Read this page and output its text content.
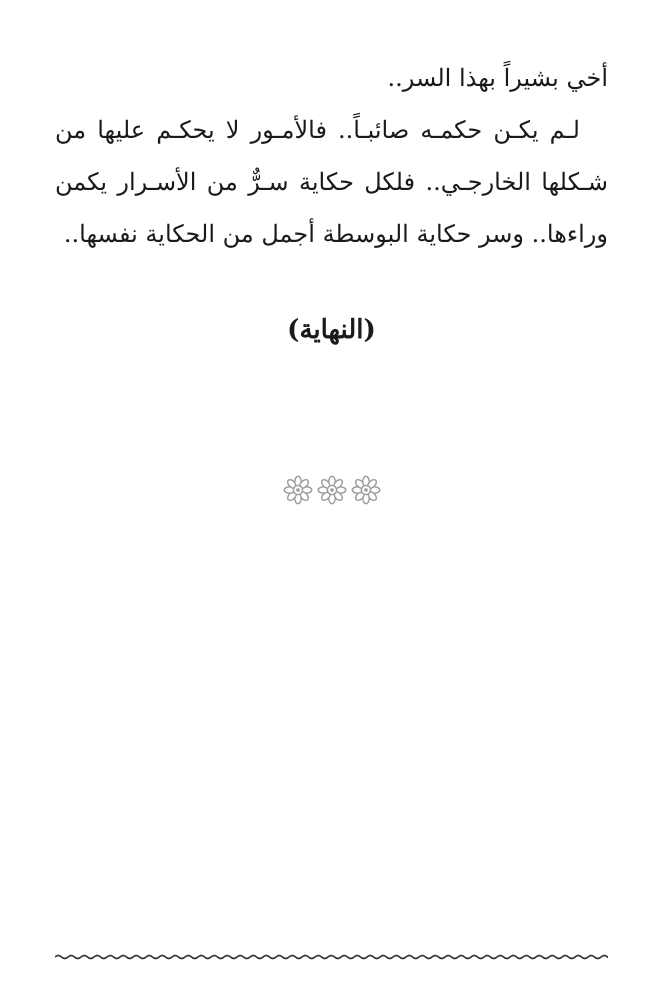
أخي بشيراً بهذا السر..

لـم يكـن حكمـه صائبـاً.. فالأمـور لا يحكـم عليها من شـكلها الخارجـي.. فلكل حكاية سـرٌّ من الأسـرار يكمن وراءها.. وسر حكاية البوسطة أجمل من الحكاية نفسها..

(النهاية)
